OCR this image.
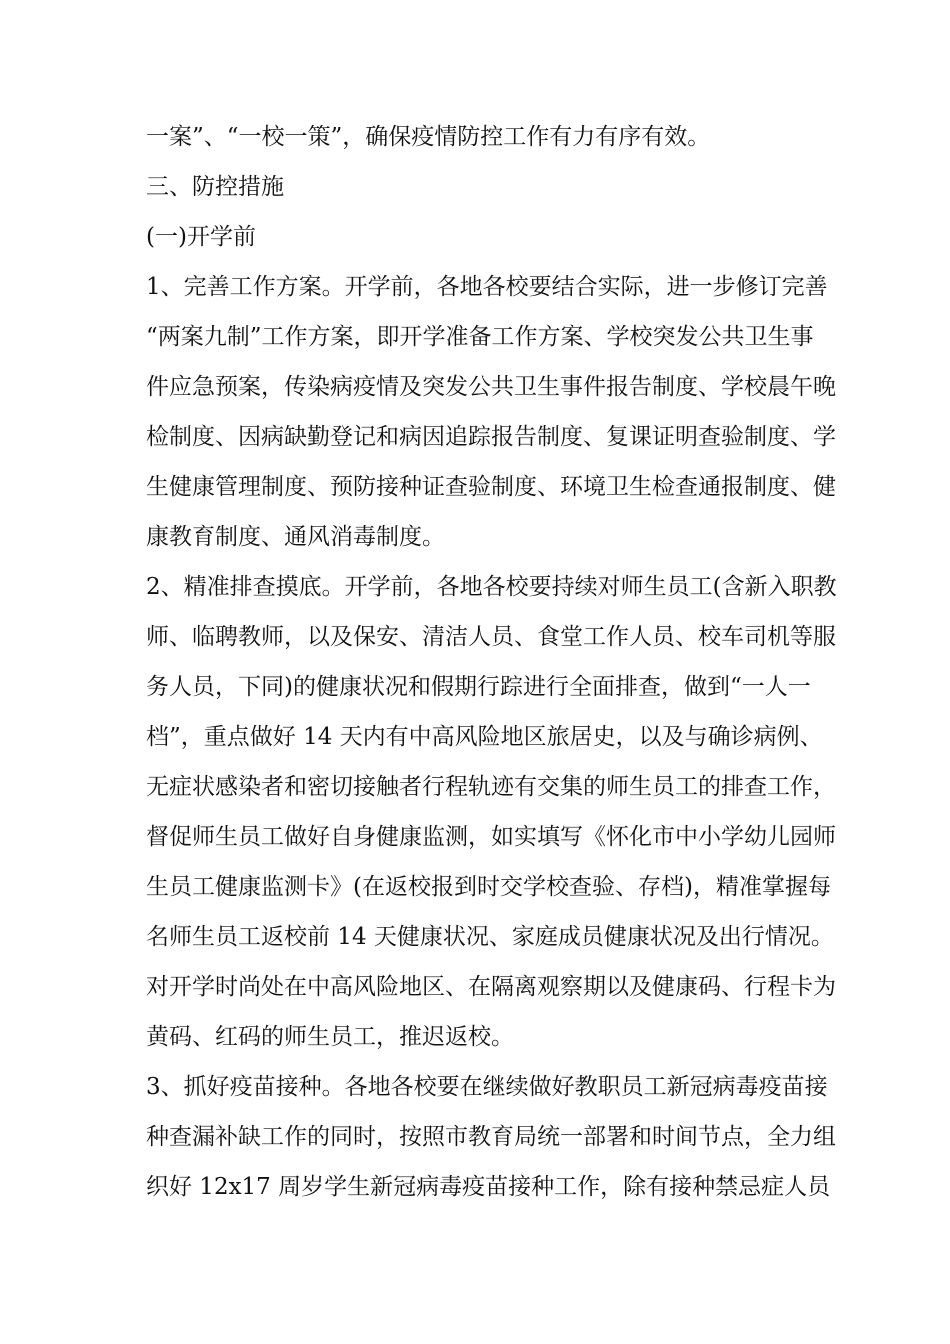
一案”、“一校一策”，确保疫情防控工作有力有序有效。
三、防控措施
(一)开学前
1、完善工作方案。开学前，各地各校要结合实际，进一步修订完善
“两案九制”工作方案，即开学准备工作方案、学校突发公共卫生事
件应急预案，传染病疫情及突发公共卫生事件报告制度、学校晨午晚
检制度、因病缺勤登记和病因追踪报告制度、复课证明查验制度、学
生健康管理制度、预防接种证查验制度、环境卫生检查通报制度、健
康教育制度、通风消毒制度。
2、精准排查摸底。开学前，各地各校要持续对师生员工(含新入职教
师、临聘教师，以及保安、清洁人员、食堂工作人员、校车司机等服
务人员，下同)的健康状况和假期行踪进行全面排查，做到“一人一
档”，重点做好 14 天内有中高风险地区旅居史，以及与确诊病例、
无症状感染者和密切接触者行程轨迹有交集的师生员工的排查工作，
督促师生员工做好自身健康监测，如实填写《怀化市中小学幼儿园师
生员工健康监测卡》(在返校报到时交学校查验、存档)，精准掌握每
名师生员工返校前 14 天健康状况、家庭成员健康状况及出行情况。
对开学时尚处在中高风险地区、在隔离观察期以及健康码、行程卡为
黄码、红码的师生员工，推迟返校。
3、抓好疫苗接种。各地各校要在继续做好教职员工新冠病毒疫苗接
种查漏补缺工作的同时，按照市教育局统一部署和时间节点，全力组
织好 12x17 周岁学生新冠病毒疫苗接种工作，除有接种禁忌症人员
